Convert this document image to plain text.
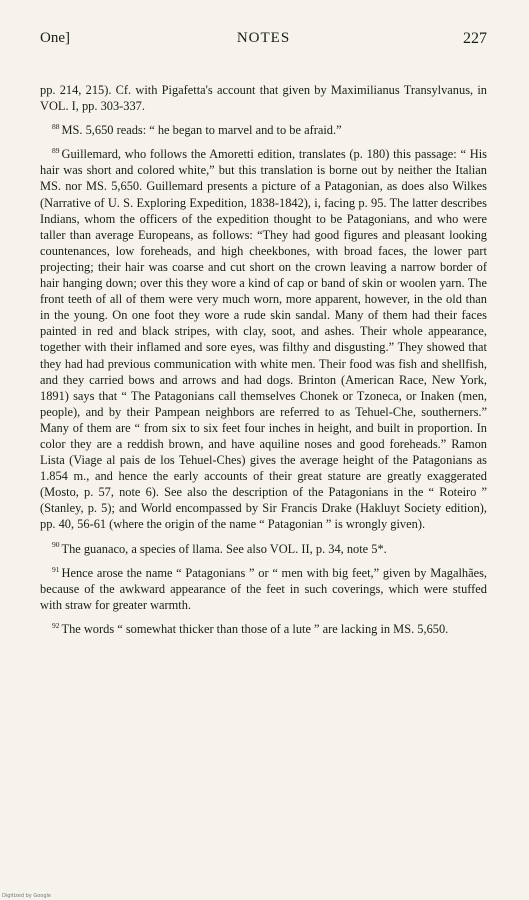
One]	NOTES	227

pp. 214, 215). Cf. with Pigafetta's account that given by Maximilianus Transylvanus, in VOL. I, pp. 303-337.

$^{88}$ MS. 5,650 reads: “ he began to marvel and to be afraid.”

$^{89}$ Guillemard, who follows the Amoretti edition, translates (p. 180) this passage: “ His hair was short and colored white,” but this translation is borne out by neither the Italian MS. nor MS. 5,650. Guillemard presents a picture of a Patagonian, as does also Wilkes (Narrative of U. S. Exploring Expedition, 1838-1842), i, facing p. 95. The latter describes Indians, whom the officers of the expedition thought to be Patagonians, and who were taller than average Europeans, as follows: “They had good figures and pleasant looking countenances, low foreheads, and high cheekbones, with broad faces, the lower part projecting; their hair was coarse and cut short on the crown leaving a narrow border of hair hanging down; over this they wore a kind of cap or band of skin or woolen yarn. The front teeth of all of them were very much worn, more apparent, however, in the old than in the young. On one foot they wore a rude skin sandal. Many of them had their faces painted in red and black stripes, with clay, soot, and ashes. Their whole appearance, together with their inflamed and sore eyes, was filthy and disgusting.” They showed that they had had previous communication with white men. Their food was fish and shellfish, and they carried bows and arrows and had dogs. Brinton (American Race, New York, 1891) says that “ The Patagonians call themselves Chonek or Tzoneca, or Inaken (men, people), and by their Pampean neighbors are referred to as Tehuel-Che, southerners.” Many of them are “ from six to six feet four inches in height, and built in proportion. In color they are a reddish brown, and have aquiline noses and good foreheads.” Ramon Lista (Viage al pais de los Tehuel-Ches) gives the average height of the Patagonians as 1.854 m., and hence the early accounts of their great stature are greatly exaggerated (Mosto, p. 57, note 6). See also the description of the Patagonians in the “ Roteiro ” (Stanley, p. 5); and World encompassed by Sir Francis Drake (Hakluyt Society edition), pp. 40, 56-61 (where the origin of the name “ Patagonian ” is wrongly given).

$^{90}$ The guanaco, a species of llama. See also VOL. II, p. 34, note 5*.

$^{91}$ Hence arose the name “ Patagonians ” or “ men with big feet,” given by Magalhães, because of the awkward appearance of the feet in such coverings, which were stuffed with straw for greater warmth.

$^{92}$ The words “ somewhat thicker than those of a lute ” are lacking in MS. 5,650.

Digitized by Google
